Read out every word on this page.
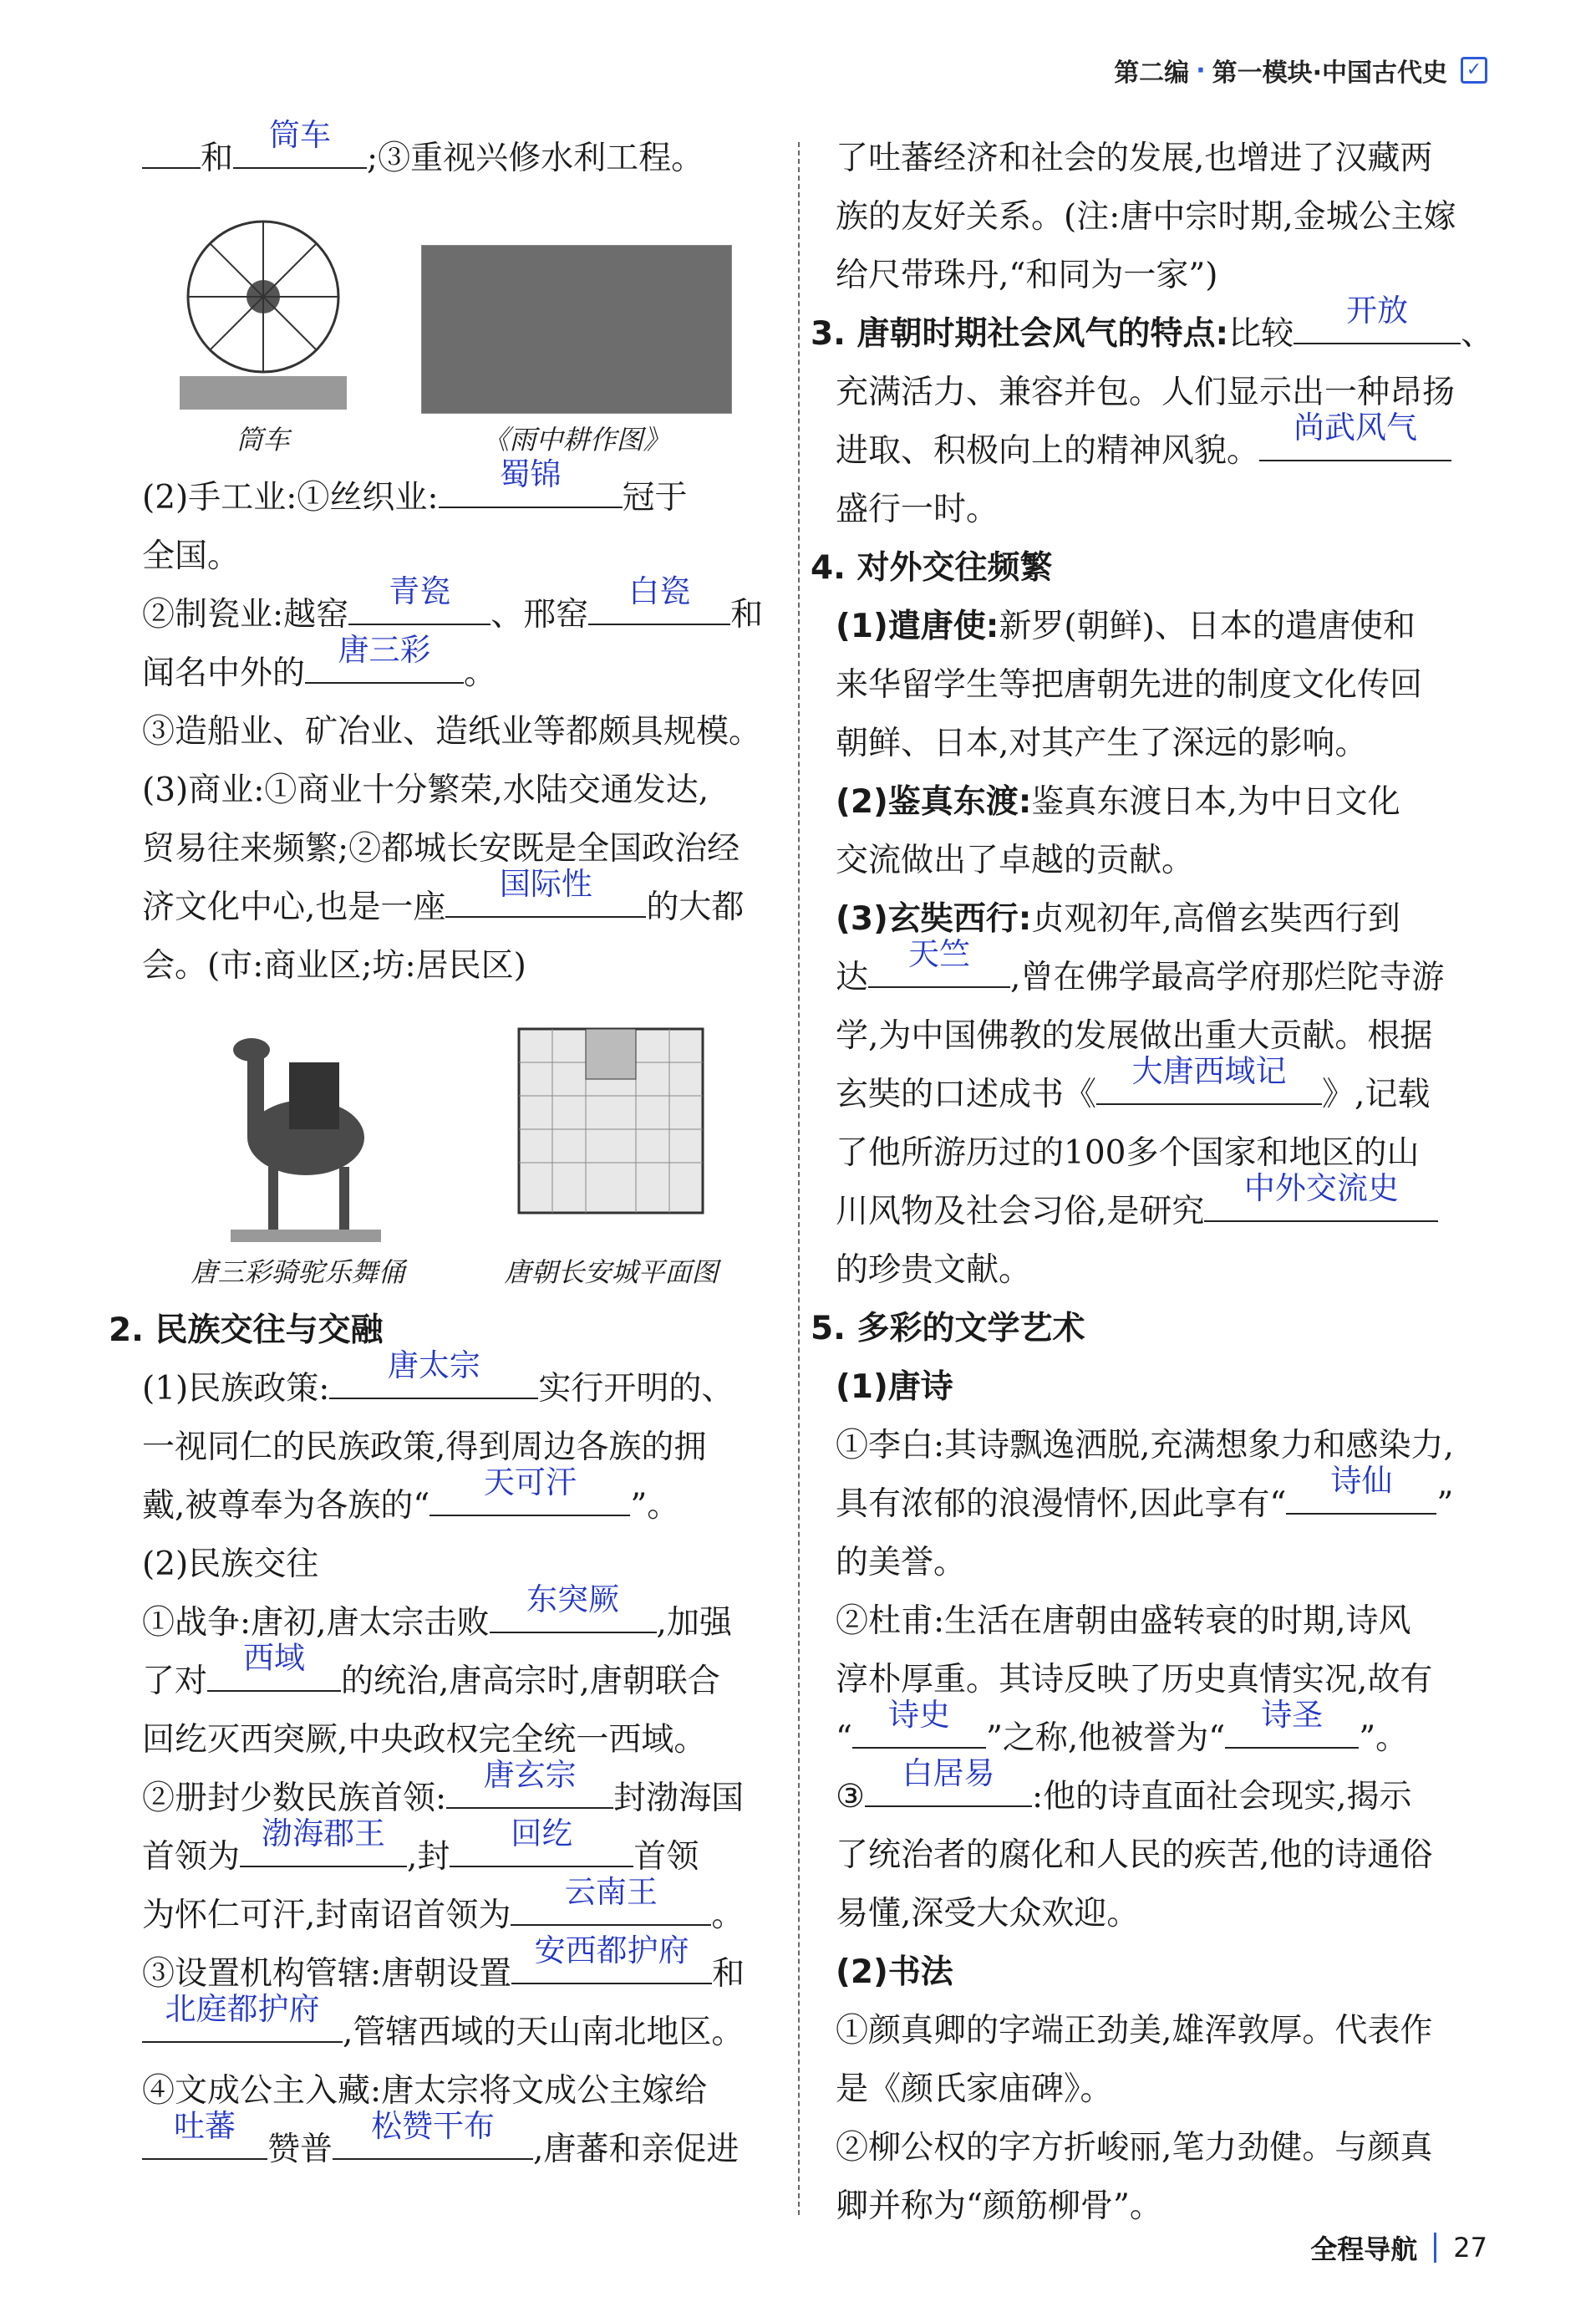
第二编 · 第一模块·中国古代史	✓
和
筒车
;③重视兴修水利工程。
筒车	《雨中耕作图》
(2)手工业:①丝织业:
蜀锦
冠于
全国。
②制瓷业:越窑
青瓷
、邢窑
白瓷
和
闻名中外的
唐三彩
。
③造船业、矿冶业、造纸业等都颇具规模。
(3)商业:①商业十分繁荣,水陆交通发达,
贸易往来频繁;②都城长安既是全国政治经
济文化中心,也是一座
国际性
的大都
会。(市:商业区;坊:居民区)
唐三彩骑驼乐舞俑	唐朝长安城平面图
2. 民族交往与交融
(1)民族政策:
唐太宗
实行开明的、
一视同仁的民族政策,得到周边各族的拥
戴,被尊奉为各族的“
天可汗
”。
(2)民族交往
①战争:唐初,唐太宗击败
东突厥
,加强
了对
西域
的统治,唐高宗时,唐朝联合
回纥灭西突厥,中央政权完全统一西域。
②册封少数民族首领:
唐玄宗
封渤海国
首领为
渤海郡王
,封
回纥
首领
为怀仁可汗,封南诏首领为
云南王
。
③设置机构管辖:唐朝设置
安西都护府
和
北庭都护府
,管辖西域的天山南北地区。
④文成公主入藏:唐太宗将文成公主嫁给
吐蕃
赞普
松赞干布
,唐蕃和亲促进
了吐蕃经济和社会的发展,也增进了汉藏两
族的友好关系。(注:唐中宗时期,金城公主嫁
给尺带珠丹,“和同为一家”)
3. 唐朝时期社会风气的特点:比较
开放
、
充满活力、兼容并包。人们显示出一种昂扬
进取、积极向上的精神风貌。
尚武风气
盛行一时。
4. 对外交往频繁
(1)遣唐使:新罗(朝鲜)、日本的遣唐使和
来华留学生等把唐朝先进的制度文化传回
朝鲜、日本,对其产生了深远的影响。
(2)鉴真东渡:鉴真东渡日本,为中日文化
交流做出了卓越的贡献。
(3)玄奘西行:贞观初年,高僧玄奘西行到
达
天竺
,曾在佛学最高学府那烂陀寺游
学,为中国佛教的发展做出重大贡献。根据
玄奘的口述成书《
大唐西域记
》,记载
了他所游历过的100多个国家和地区的山
川风物及社会习俗,是研究
中外交流史
的珍贵文献。
5. 多彩的文学艺术
(1)唐诗
①李白:其诗飘逸洒脱,充满想象力和感染力,
具有浓郁的浪漫情怀,因此享有“
诗仙
”
的美誉。
②杜甫:生活在唐朝由盛转衰的时期,诗风
淳朴厚重。其诗反映了历史真情实况,故有
“
诗史
”之称,他被誉为“
诗圣
”。
③
白居易
:他的诗直面社会现实,揭示
了统治者的腐化和人民的疾苦,他的诗通俗
易懂,深受大众欢迎。
(2)书法
①颜真卿的字端正劲美,雄浑敦厚。代表作
是《颜氏家庙碑》。
②柳公权的字方折峻丽,笔力劲健。与颜真
卿并称为“颜筋柳骨”。
全程导航 27
